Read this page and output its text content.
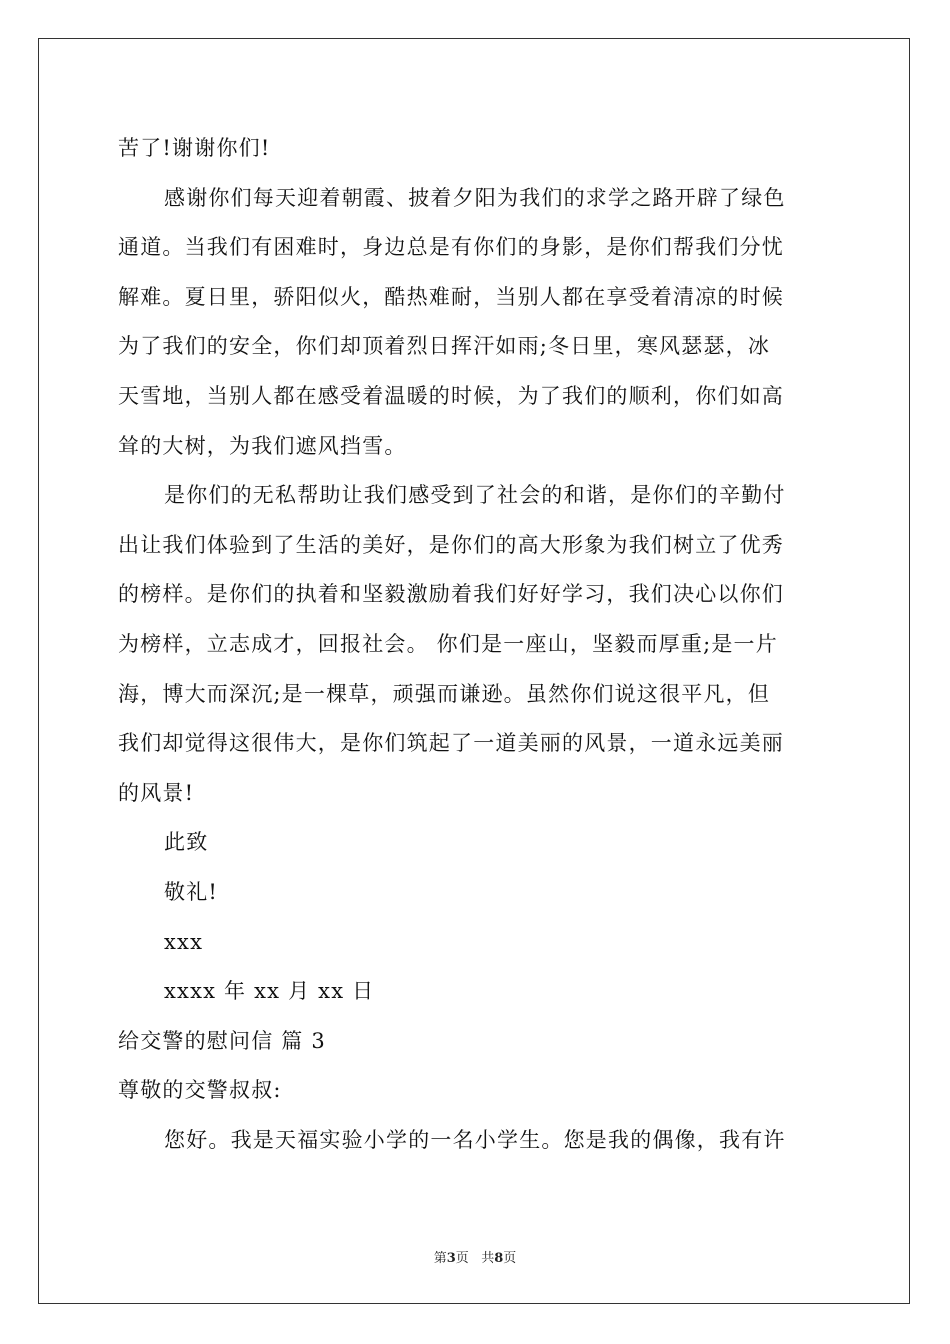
苦了!谢谢你们!
感谢你们每天迎着朝霞、披着夕阳为我们的求学之路开辟了绿色
通道。当我们有困难时，身边总是有你们的身影，是你们帮我们分忧
解难。夏日里，骄阳似火，酷热难耐，当别人都在享受着清凉的时候
为了我们的安全，你们却顶着烈日挥汗如雨;冬日里，寒风瑟瑟，冰
天雪地，当别人都在感受着温暖的时候，为了我们的顺利，你们如高
耸的大树，为我们遮风挡雪。
是你们的无私帮助让我们感受到了社会的和谐，是你们的辛勤付
出让我们体验到了生活的美好，是你们的高大形象为我们树立了优秀
的榜样。是你们的执着和坚毅激励着我们好好学习，我们决心以你们
为榜样，立志成才，回报社会。 你们是一座山，坚毅而厚重;是一片
海，博大而深沉;是一棵草，顽强而谦逊。虽然你们说这很平凡，但
我们却觉得这很伟大，是你们筑起了一道美丽的风景，一道永远美丽
的风景!
此致
敬礼!
xxx
xxxx 年 xx 月 xx 日
给交警的慰问信 篇 3
尊敬的交警叔叔:
您好。我是天福实验小学的一名小学生。您是我的偶像，我有许
第3页 共8页
